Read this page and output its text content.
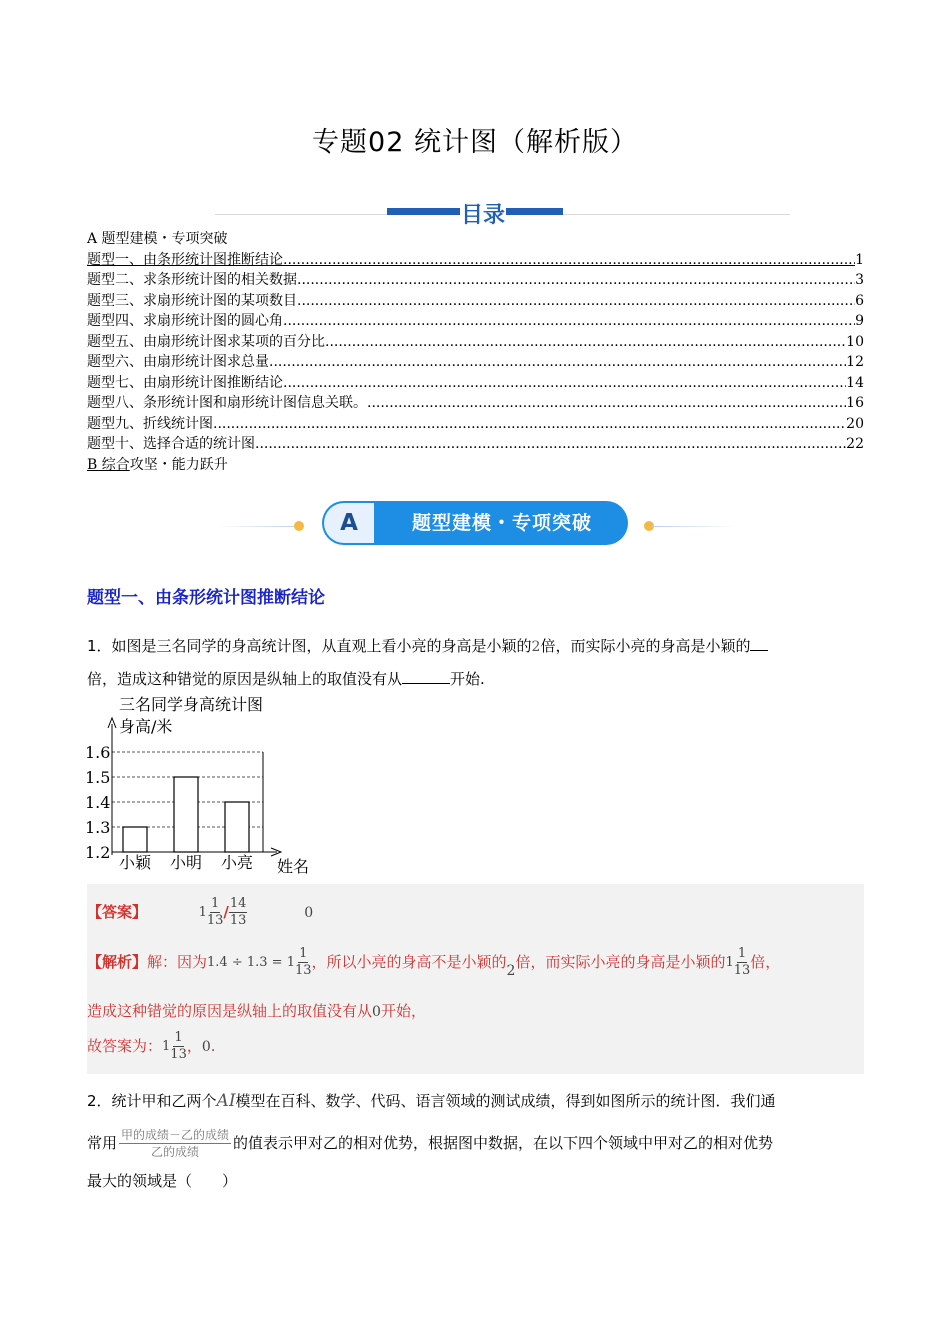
专题02 统计图（解析版）
目录
A 题型建模・专项突破
题型一、由条形统计图推断结论 .....	1
题型二、求条形统计图的相关数据 .....	3
题型三、求扇形统计图的某项数目 .....	6
题型四、求扇形统计图的圆心角 .....	9
题型五、由扇形统计图求某项的百分比 .....	10
题型六、由扇形统计图求总量 .....	12
题型七、由扇形统计图推断结论 .....	14
题型八、条形统计图和扇形统计图信息关联。 .....	16
题型九、折线统计图 .....	20
题型十、选择合适的统计图 .....	22
B 综合攻坚・能力跃升
A	题型建模・专项突破
题型一、由条形统计图推断结论
1．如图是三名同学的身高统计图，从直观上看小亮的身高是小颖的2倍，而实际小亮的身高是小颖的
倍，造成这种错觉的原因是纵轴上的取值没有从	开始.
三名同学身高统计图
身高/米
姓名
1.2
1.3
1.4
1.5
1.6
小颖 小明 小亮
【答案】	$1 \frac{1}{13} / \frac{14}{13}$	0
【解析】解：因为$1.4 \div 1.3 = 1 \frac{1}{13}$ ，所以小亮的身高不是小颖的2倍，而实际小亮的身高是小颖的$1 \frac{1}{13}$ 倍，
造成这种错觉的原因是纵轴上的取值没有从0开始，
故答案为：$1 \frac{1}{13}$ ，0.
2．统计甲和乙两个AI模型在百科、数学、代码、语言领域的测试成绩，得到如图所示的统计图．我们通
常用 甲的成绩－乙的成绩
乙的成绩 的值表示甲对乙的相对优势，根据图中数据，在以下四个领域中甲对乙的相对优势
最大的领域是（　　）
